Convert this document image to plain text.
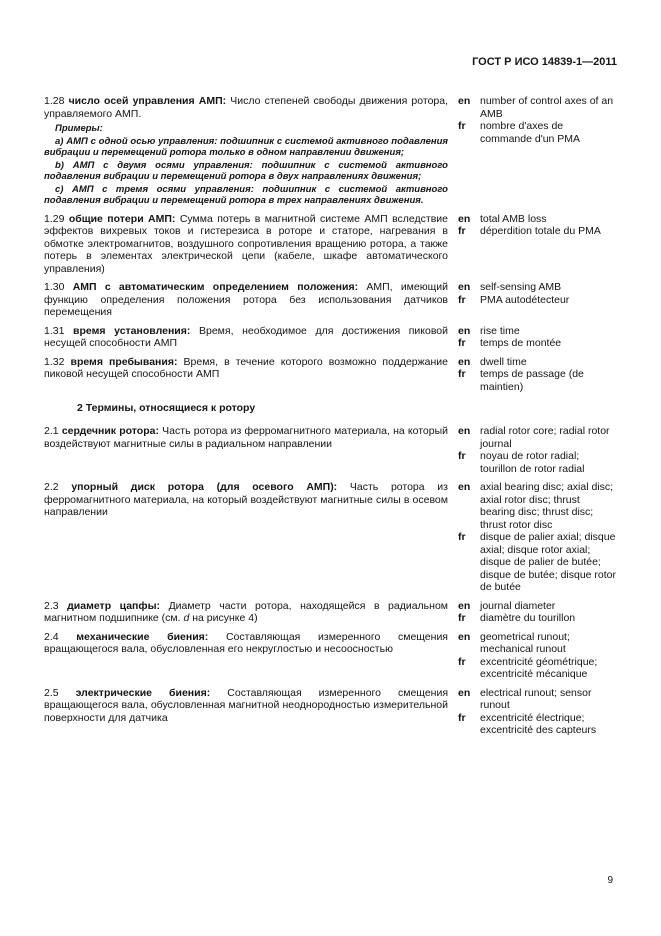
ГОСТ Р ИСО 14839-1—2011

1.28 число осей управления АМП: Число степеней свободы движения ротора, управляемого АМП.

Примеры:

а) АМП с одной осью управления: подшипник с системой активного подавления вибрации и перемещений ротора только в одном направлении движения;

b) АМП с двумя осями управления: подшипник с системой активного подавления вибрации и перемещений ротора в двух направлениях движения;

с) АМП с тремя осями управления: подшипник с системой активного подавления вибрации и перемещений ротора в трех направлениях движения.

en number of control axes of an AMB
fr	nombre d'axes de commande d'un PMA

1.29 общие потери АМП: Сумма потерь в магнитной системе АМП вследствие эффектов вихревых токов и гистерезиса в роторе и статоре, нагревания в обмотке электромагнитов, воздушного сопротивления вращению ротора, а также потерь в элементах электрической цепи (кабеле, шкафе автоматического управления)

en total AMB loss
fr	déperdition totale du PMA

1.30 АМП с автоматическим определением положения: АМП, имеющий функцию определения положения ротора без использования датчиков перемещения

en self-sensing AMB
fr	PMA autodétecteur

1.31 время установления: Время, необходимое для достижения пиковой несущей способности АМП

en rise time
fr	temps de montée

1.32 время пребывания: Время, в течение которого возможно поддержание пиковой несущей способности АМП

en dwell time
fr	temps de passage (de maintien)
2 Термины, относящиеся к ротору

2.1 сердечник ротора: Часть ротора из ферромагнитного материала, на который воздействуют магнитные силы в радиальном направлении

en radial rotor core; radial rotor journal
fr	noyau de rotor radial; tourillon de rotor radial

2.2 упорный диск ротора (для осевого АМП): Часть ротора из ферромагнитного материала, на который воздействуют магнитные силы в осевом направлении

en axial bearing disc; axial disc; axial rotor disc; thrust bearing disc; thrust disc; thrust rotor disc
fr	disque de palier axial; disque axial; disque rotor axial; disque de palier de butée; disque de butée; disque rotor de butée

2.3 диаметр цапфы: Диаметр части ротора, находящейся в радиальном магнитном подшипнике (см. d на рисунке 4)

en journal diameter
fr	diamètre du tourillon

2.4 механические биения: Составляющая измеренного смещения вращающегося вала, обусловленная его некруглостью и несоосностью

en geometrical runout; mechanical runout
fr	excentricité géométrique; excentricité mécanique

2.5 электрические биения: Составляющая измеренного смещения вращающегося вала, обусловленная магнитной неоднородностью измерительной поверхности для датчика

en electrical runout; sensor runout
fr	excentricité électrique; excentricité des capteurs
9
